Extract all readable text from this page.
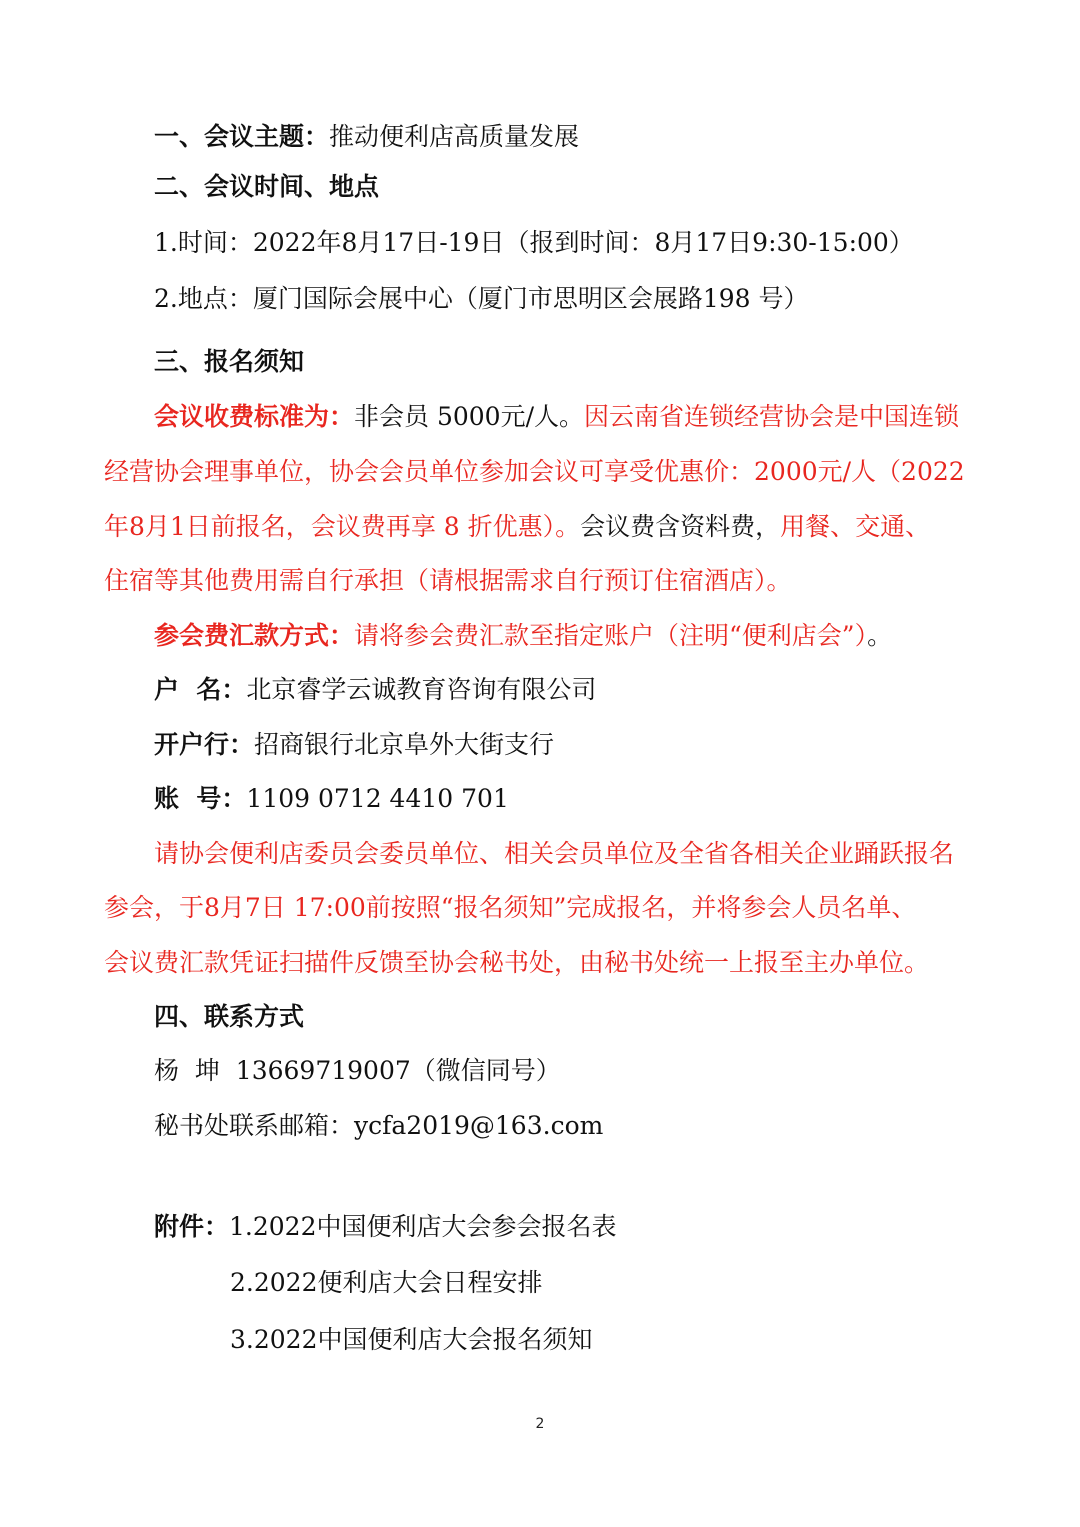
一、会议主题：推动便利店高质量发展
二、会议时间、地点
1.时间：2022年8月17日-19日（报到时间：8月17日9:30-15:00）
2.地点：厦门国际会展中心（厦门市思明区会展路198 号）
三、报名须知
会议收费标准为：非会员 5000元/人。因云南省连锁经营协会是中国连锁
经营协会理事单位，协会会员单位参加会议可享受优惠价：2000元/人（2022
年8月1日前报名，会议费再享 8 折优惠）。会议费含资料费，用餐、交通、
住宿等其他费用需自行承担（请根据需求自行预订住宿酒店）。
参会费汇款方式：请将参会费汇款至指定账户（注明“便利店会”）。
户  名：北京睿学云诚教育咨询有限公司
开户行：招商银行北京阜外大街支行
账  号：1109 0712 4410 701
请协会便利店委员会委员单位、相关会员单位及全省各相关企业踊跃报名
参会，于8月7日 17:00前按照“报名须知”完成报名，并将参会人员名单、
会议费汇款凭证扫描件反馈至协会秘书处，由秘书处统一上报至主办单位。
四、联系方式
杨  坤  13669719007（微信同号）
秘书处联系邮箱：ycfa2019@163.com
附件：1.2022中国便利店大会参会报名表
2.2022便利店大会日程安排
3.2022中国便利店大会报名须知
2
